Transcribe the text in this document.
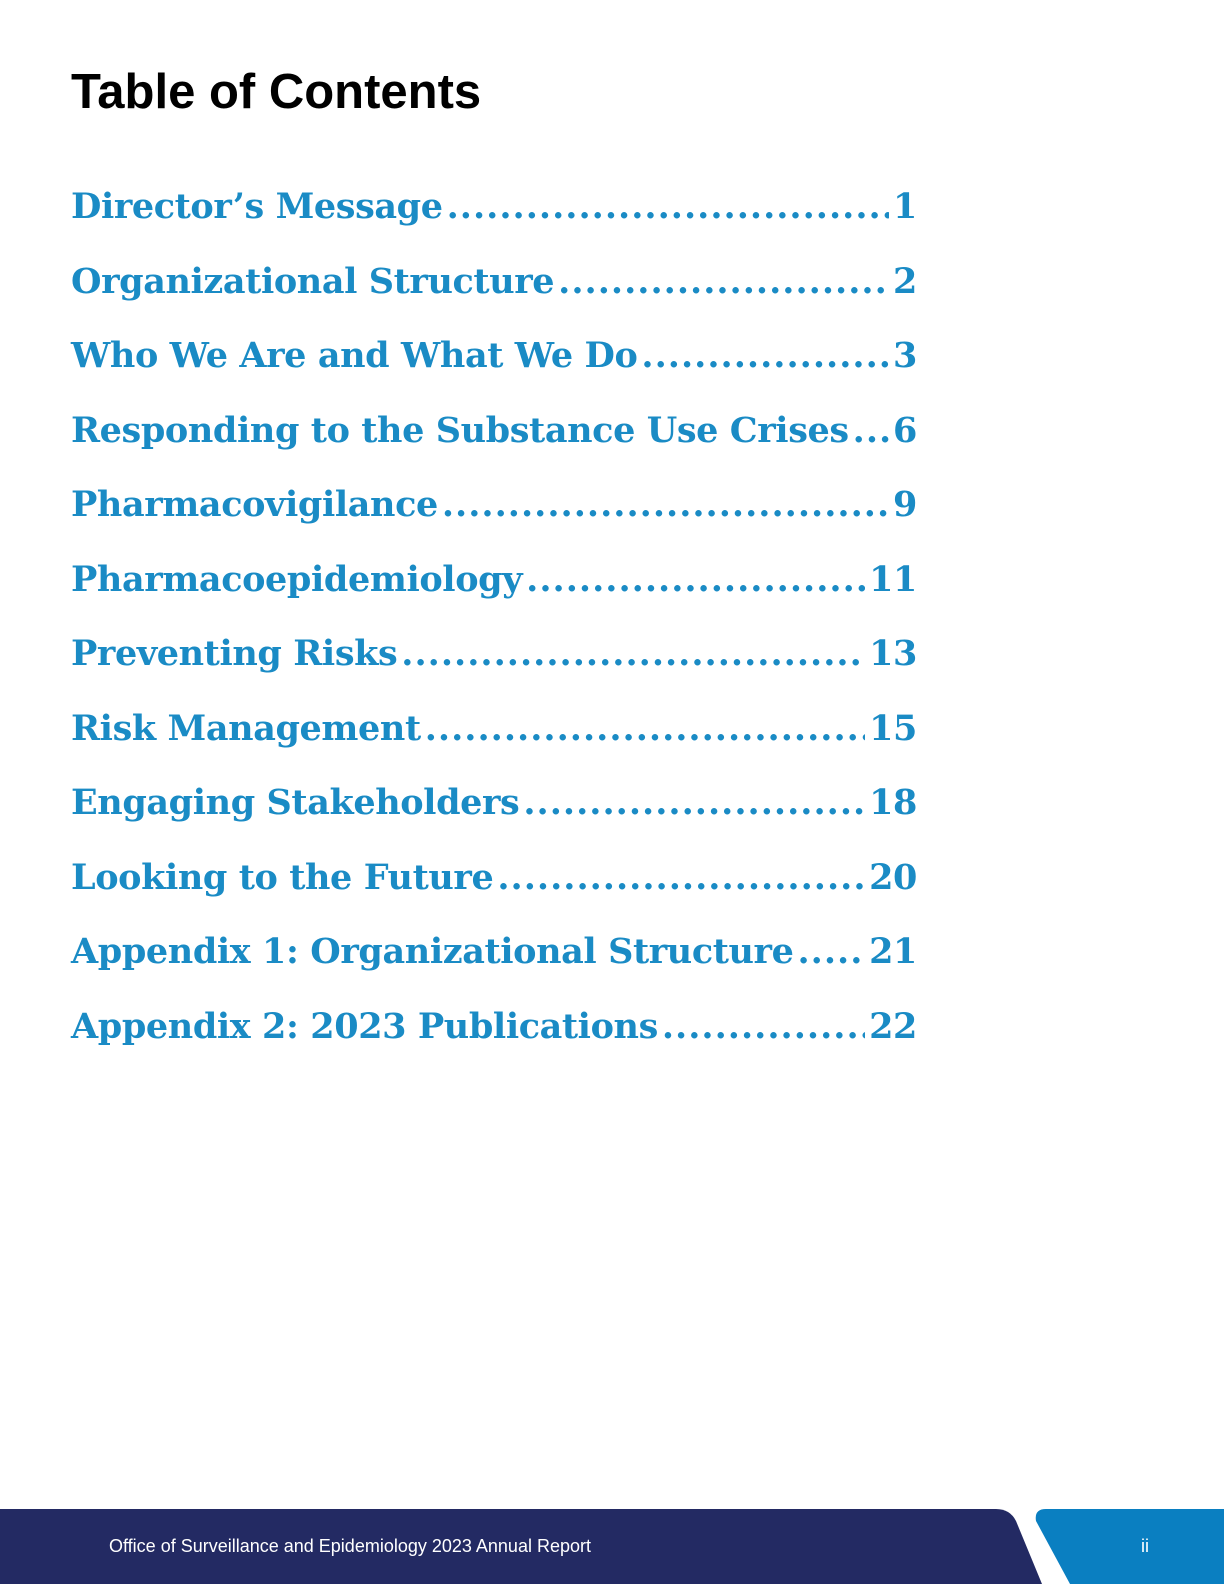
Table of Contents
Director’s Message .....	1
Organizational Structure .....	2
Who We Are and What We Do .....	3
Responding to the Substance Use Crises ..... 6
Pharmacovigilance .....	9
Pharmacoepidemiology .....	11
Preventing Risks .....	13
Risk Management .....	15
Engaging Stakeholders .....	18
Looking to the Future .....	20
Appendix 1: Organizational Structure ..... 21
Appendix 2: 2023 Publications .....	22
Office of Surveillance and Epidemiology 2023 Annual Report	ii
